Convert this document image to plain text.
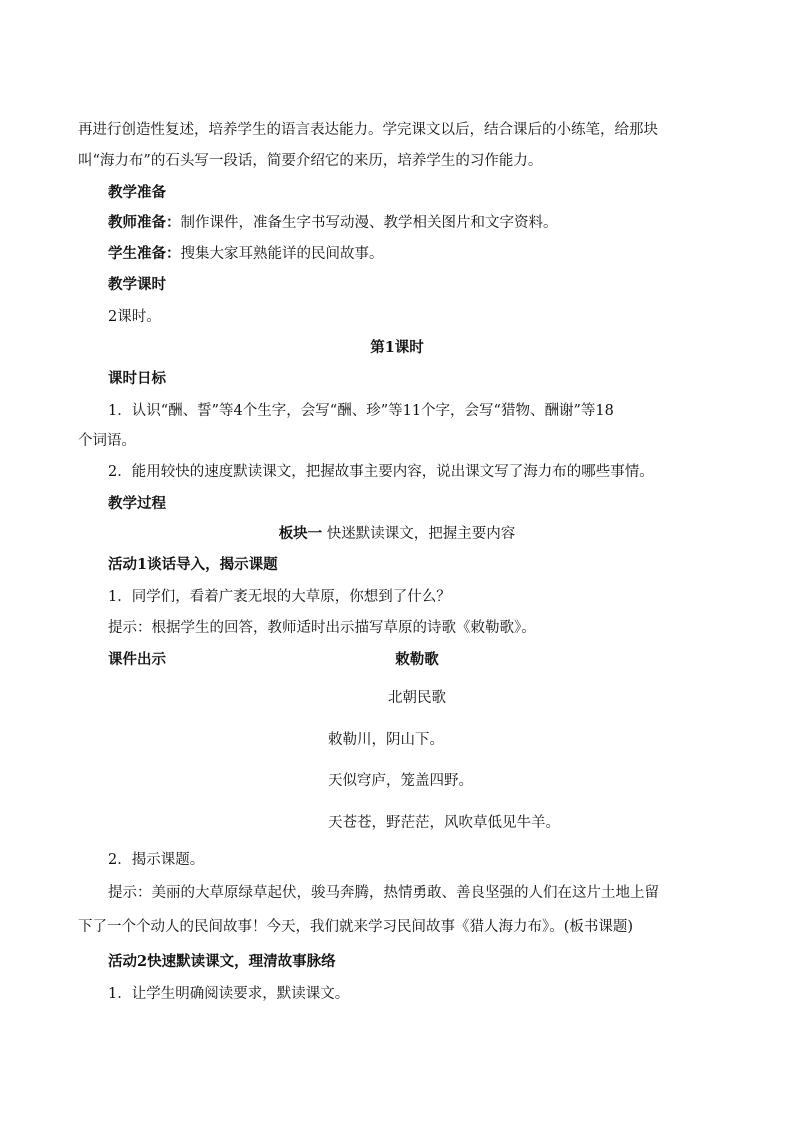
再进行创造性复述，培养学生的语言表达能力。学完课文以后，结合课后的小练笔，给那块
叫“海力布”的石头写一段话，简要介绍它的来历，培养学生的习作能力。
教学准备
教师准备：制作课件，准备生字书写动漫、教学相关图片和文字资料。
学生准备：搜集大家耳熟能详的民间故事。
教学课时
2课时。
第1课时
课时日标
1．认识“酬、誓”等4个生字，会写“酬、珍”等11个字，会写“猎物、酬谢”等18
个词语。
2．能用较快的速度默读课文，把握故事主要内容，说出课文写了海力布的哪些事情。
教学过程
板块一 快迷默读课文，把握主要内容
活动1谈话导入，揭示课题
1．同学们，看着广袤无垠的大草原，你想到了什么？
提示：根据学生的回答，教师适时出示描写草原的诗歌《敕勒歌》。
课件出示	敕勒歌
北朝民歌
敕勒川，阴山下。
天似穹庐，笼盖四野。
天苍苍，野茫茫，风吹草低见牛羊。
2．揭示课题。
提示：美丽的大草原绿草起伏，骏马奔腾，热情勇敢、善良坚强的人们在这片土地上留
下了一个个动人的民间故事！今天，我们就来学习民间故事《猎人海力布》。(板书课题)
活动2快速默读课文，理清故事脉络
1．让学生明确阅读要求，默读课文。
